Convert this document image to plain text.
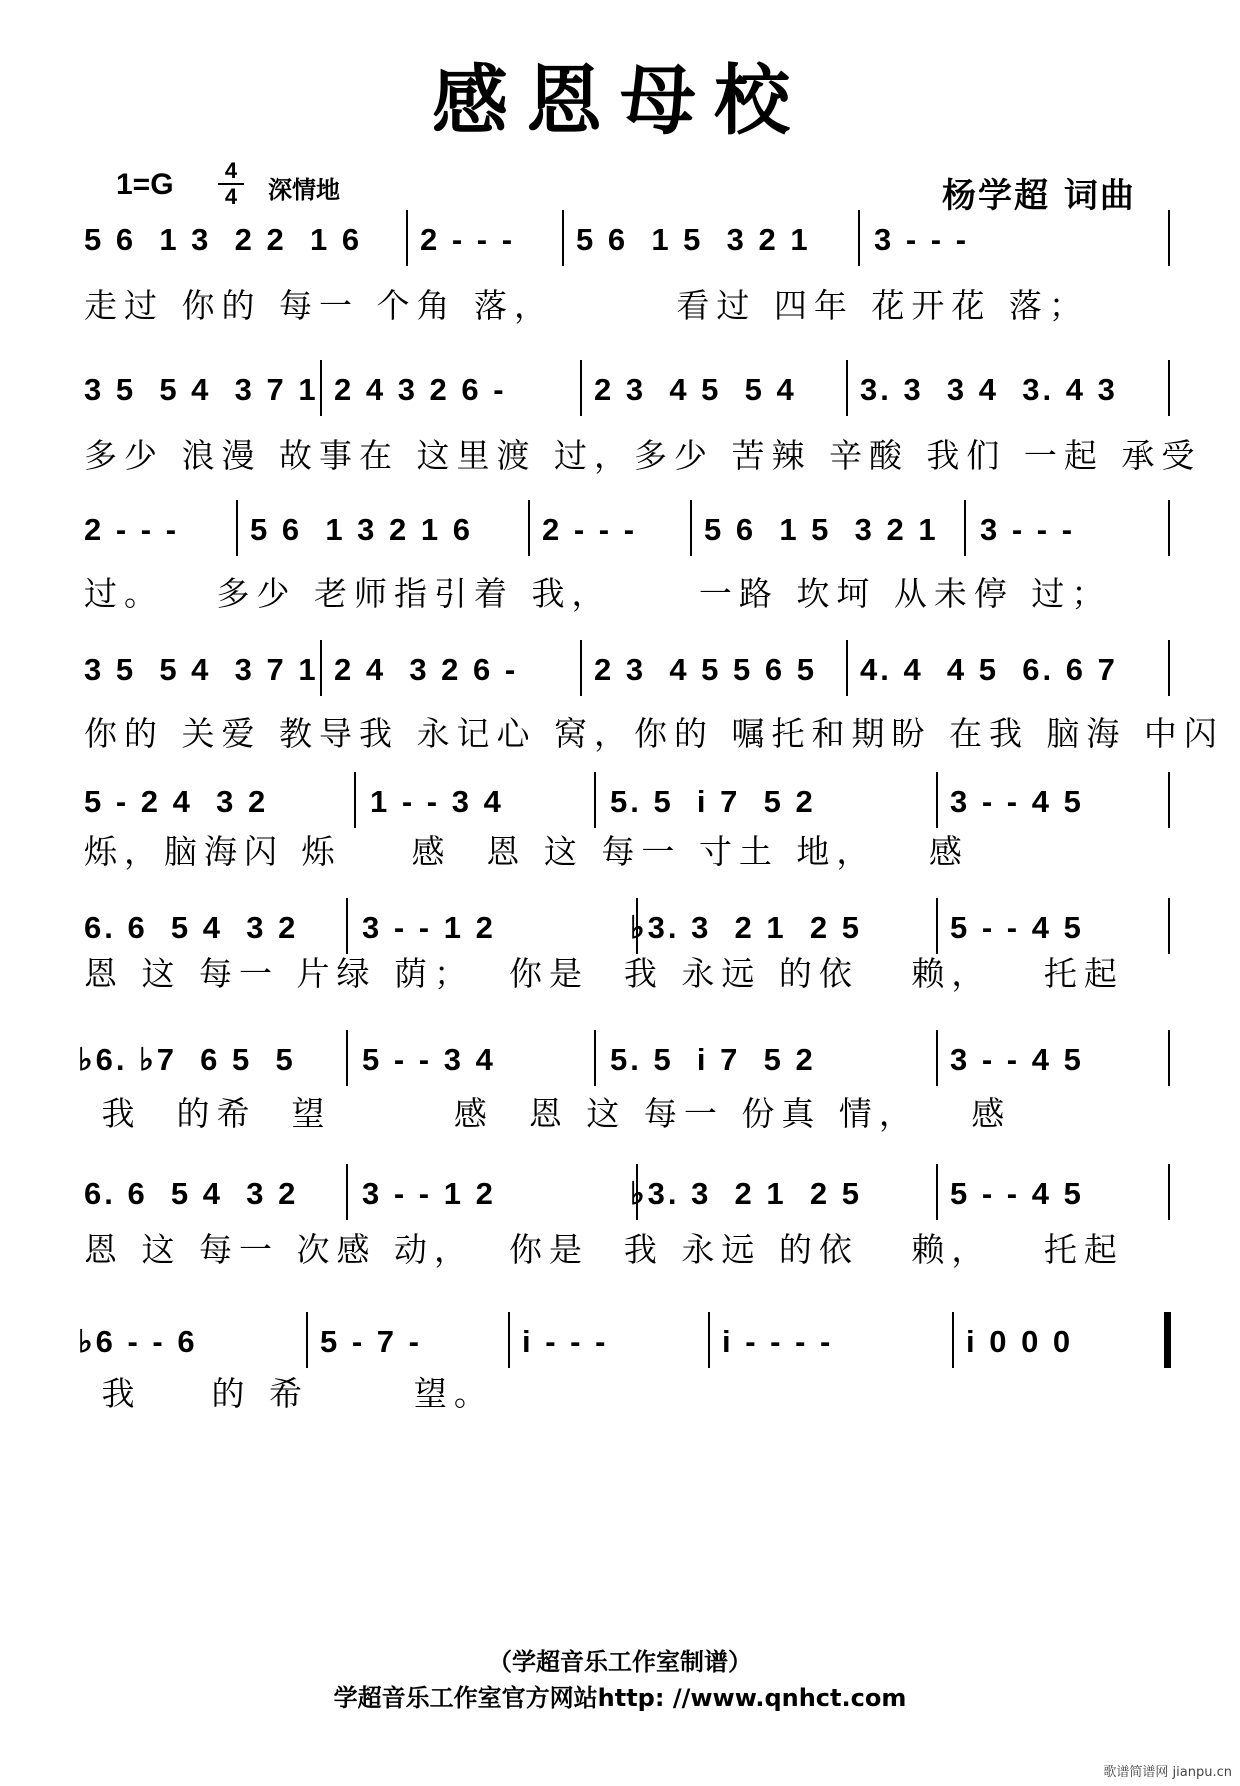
感恩母校
1=G	4
4 深情地	杨学超 词曲

5 6  1 3  2 2  1 6

2 - - -

5 6  1 5  3 2 1

3 - - -

走过 你的 每一 个角 落，       看过 四年 花开花 落；

3 5  5 4  3 7 1

2 4 3 2 6 -

	2 3  4 5  5 4

3. 3  3 4  3. 4 3

多少 浪漫 故事在 这里渡 过，多少 苦辣 辛酸 我们 一起 承受

2 - - -

5 6  1 3 2 1 6

2 - - -

5 6  1 5  3 2 1

3 - - -

过。   多少 老师指引着 我，     一路 坎坷 从未停 过；

3 5  5 4  3 7 1

2 4  3 2 6 -

2 3  4 5 5 6 5

4. 4  4 5  6. 6 7

你的 关爱 教导我 永记心 窝，你的 嘱托和期盼 在我 脑海 中闪

5 - 2 4  3 2

	1 - - 3 4

	5. 5  i 7  5 2

	3 - - 4 5

烁，脑海闪 烁    感  恩 这 每一 寸土 地，   感

6. 6  5 4  3 2

3 - - 1 2

	♭3. 3  2 1  2 5

	5 - - 4 5

恩 这 每一 片绿 荫；  你是  我 永远 的依   赖，   托起

♭6. ♭7  6 5  5

5 - - 3 4

	5. 5  i 7  5 2

	3 - - 4 5

我  的希  望       感  恩 这 每一 份真 情，   感

6. 6  5 4  3 2

3 - - 1 2

	♭3. 3  2 1  2 5

	5 - - 4 5

恩 这 每一 次感 动，  你是  我 永远 的依   赖，   托起

♭6 - - 6

	5 - 7 -

	i - - -

	i - - - -

	i 0 0 0

我    的 希      望。
（学超音乐工作室制谱）
学超音乐工作室官方网站http: //www.qnhct.com
歌谱简谱网 jianpu.cn
